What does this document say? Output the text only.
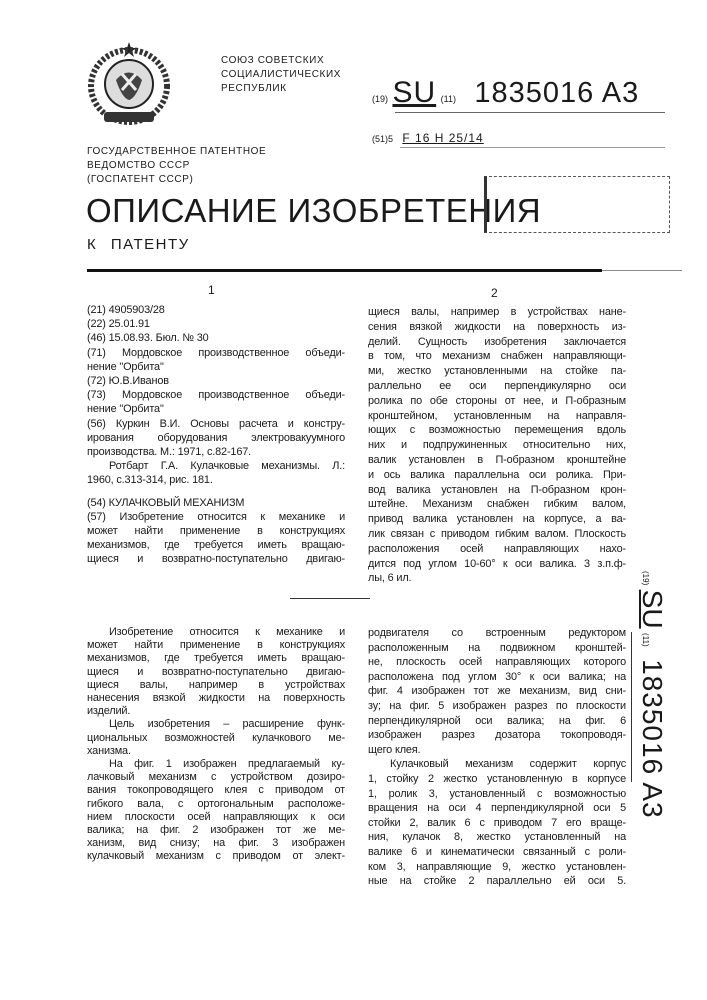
СОЮЗ СОВЕТСКИХ
СОЦИАЛИСТИЧЕСКИХ
РЕСПУБЛИК
(19) SU (11) 1835016 A3
(51)5 F 16 H 25/14
ГОСУДАРСТВЕННОЕ ПАТЕНТНОЕ
ВЕДОМСТВО СССР
(ГОСПАТЕНТ СССР)
ОПИСАНИЕ ИЗОБРЕТЕНИЯ
К ПАТЕНТУ
1	2
(21) 4905903/28
(22) 25.01.91
(46) 15.08.93. Бюл. № 30
(71) Мордовское производственное объеди-
нение "Орбита"
(72) Ю.В.Иванов
(73) Мордовское производственное объеди-
нение "Орбита"
(56) Куркин В.И. Основы расчета и констру-
ирования оборудования электровакуумного
производства. М.: 1971, с.82-167.
Ротбарт Г.А. Кулачковые механизмы. Л.:
1960, с.313-314, рис. 181.
(54) КУЛАЧКОВЫЙ МЕХАНИЗМ
(57) Изобретение относится к механике и
может найти применение в конструкциях
механизмов, где требуется иметь вращаю-
щиеся и возвратно-поступательно двигаю-
щиеся валы, например в устройствах нане-
сения вязкой жидкости на поверхность из-
делий. Сущность изобретения заключается
в том, что механизм снабжен направляющи-
ми, жестко установленными на стойке па-
раллельно ее оси перпендикулярно оси
ролика по обе стороны от нее, и П-образным
кронштейном, установленным на направля-
ющих с возможностью перемещения вдоль
них и подпружиненных относительно них,
валик установлен в П-образном кронштейне
и ось валика параллельна оси ролика. При-
вод валика установлен на П-образном крон-
штейне. Механизм снабжен гибким валом,
привод валика установлен на корпусе, а ва-
лик связан с приводом гибким валом. Плоскость
расположения осей направляющих нахо-
дится под углом 10-60° к оси валика. 3 з.п.ф-
лы, 6 ил.
Изобретение относится к механике и
может найти применение в конструкциях
механизмов, где требуется иметь вращаю-
щиеся и возвратно-поступательно двигаю-
щиеся валы, например в устройствах
нанесения вязкой жидкости на поверхность
изделий.
Цель изобретения – расширение функ-
циональных возможностей кулачкового ме-
ханизма.
На фиг. 1 изображен предлагаемый ку-
лачковый механизм с устройством дозиро-
вания токопроводящего клея с приводом от
гибкого вала, с ортогональным расположе-
нием плоскости осей направляющих к оси
валика; на фиг. 2 изображен тот же ме-
ханизм, вид снизу; на фиг. 3 изображен
кулачковый механизм с приводом от элект-
родвигателя со встроенным редуктором
расположенным на подвижном кронштей-
не, плоскость осей направляющих которого
расположена под углом 30° к оси валика; на
фиг. 4 изображен тот же механизм, вид сни-
зу; на фиг. 5 изображен разрез по плоскости
перпендикулярной оси валика; на фиг. 6
изображен разрез дозатора токопроводя-
щего клея.
Кулачковый механизм содержит корпус
1, стойку 2 жестко установленную в корпусе
1, ролик 3, установленный с возможностью
вращения на оси 4 перпендикулярной оси 5
стойки 2, валик 6 с приводом 7 его враще-
ния, кулачок 8, жестко установленный на
валике 6 и кинематически связанный с роли-
ком 3, направляющие 9, жестко установлен-
ные на стойке 2 параллельно ей оси 5.
(19) SU (11) 1835016 A3
